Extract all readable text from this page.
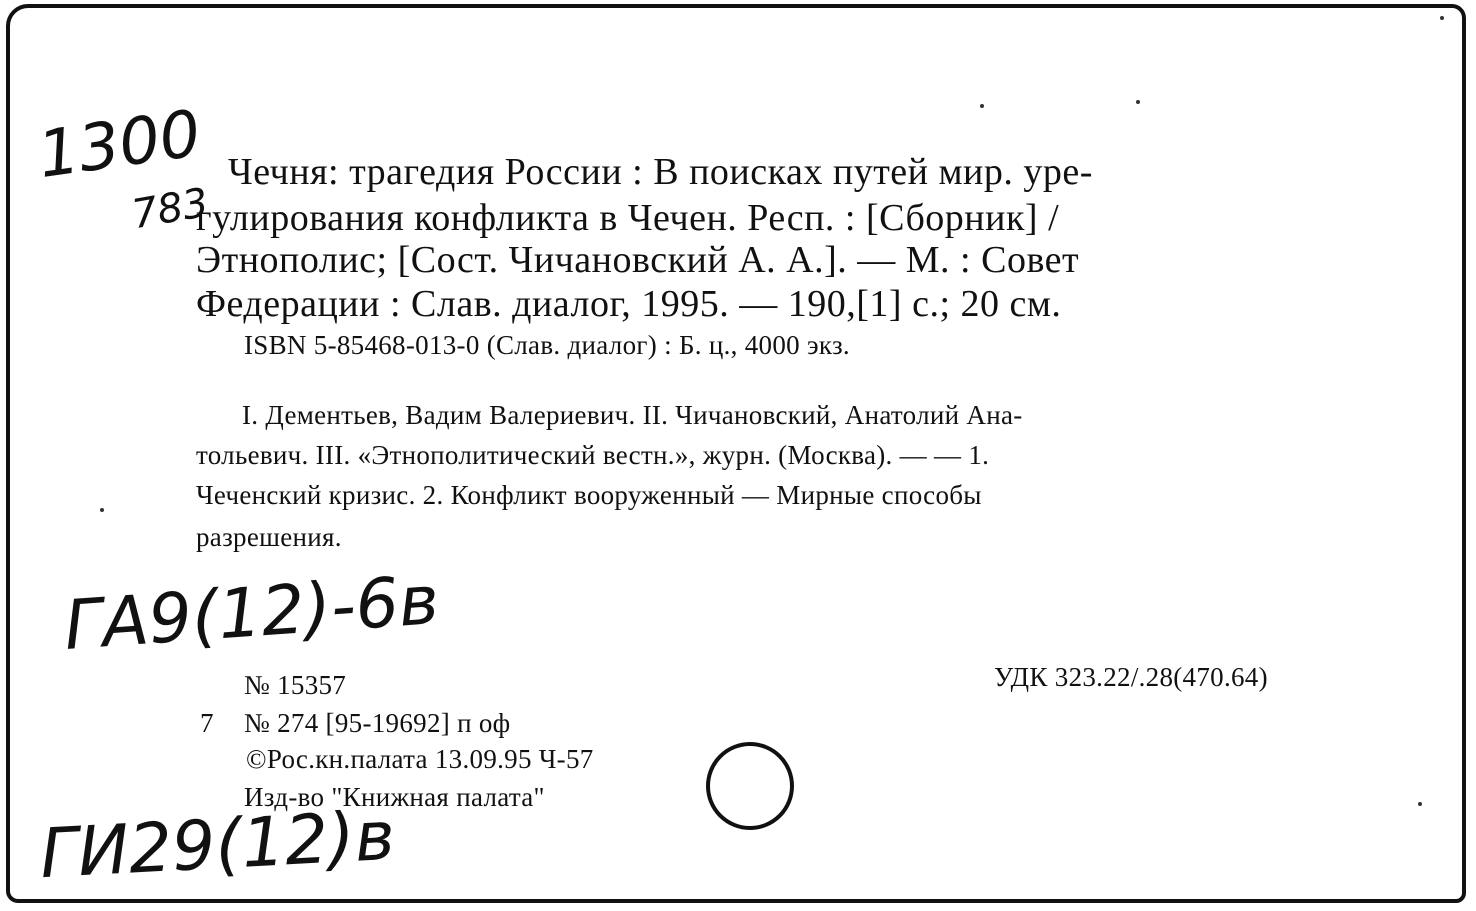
1300
783
Чечня: трагедия России : В поисках путей мир. уре-
гулирования конфликта в Чечен. Респ. : [Сборник] /
Этнополис; [Сост. Чичановский А. А.]. — М. : Совет
Федерации : Слав. диалог, 1995. — 190,[1] с.; 20 см.
ISBN 5-85468-013-0 (Слав. диалог) : Б. ц., 4000 экз.
I. Дементьев, Вадим Валериевич. II. Чичановский, Анатолий Ана-
тольевич. III. «Этнополитический вестн.», журн. (Москва). — — 1.
Чеченский кризис. 2. Конфликт вооруженный — Мирные способы
разрешения.
ГА9(12)-6в
№ 15357	УДК 323.22/.28(470.64)
7 № 274 [95-19692] п оф
©Рос.кн.палата 13.09.95 Ч-57
Изд-во "Книжная палата"
ГИ29(12)в
